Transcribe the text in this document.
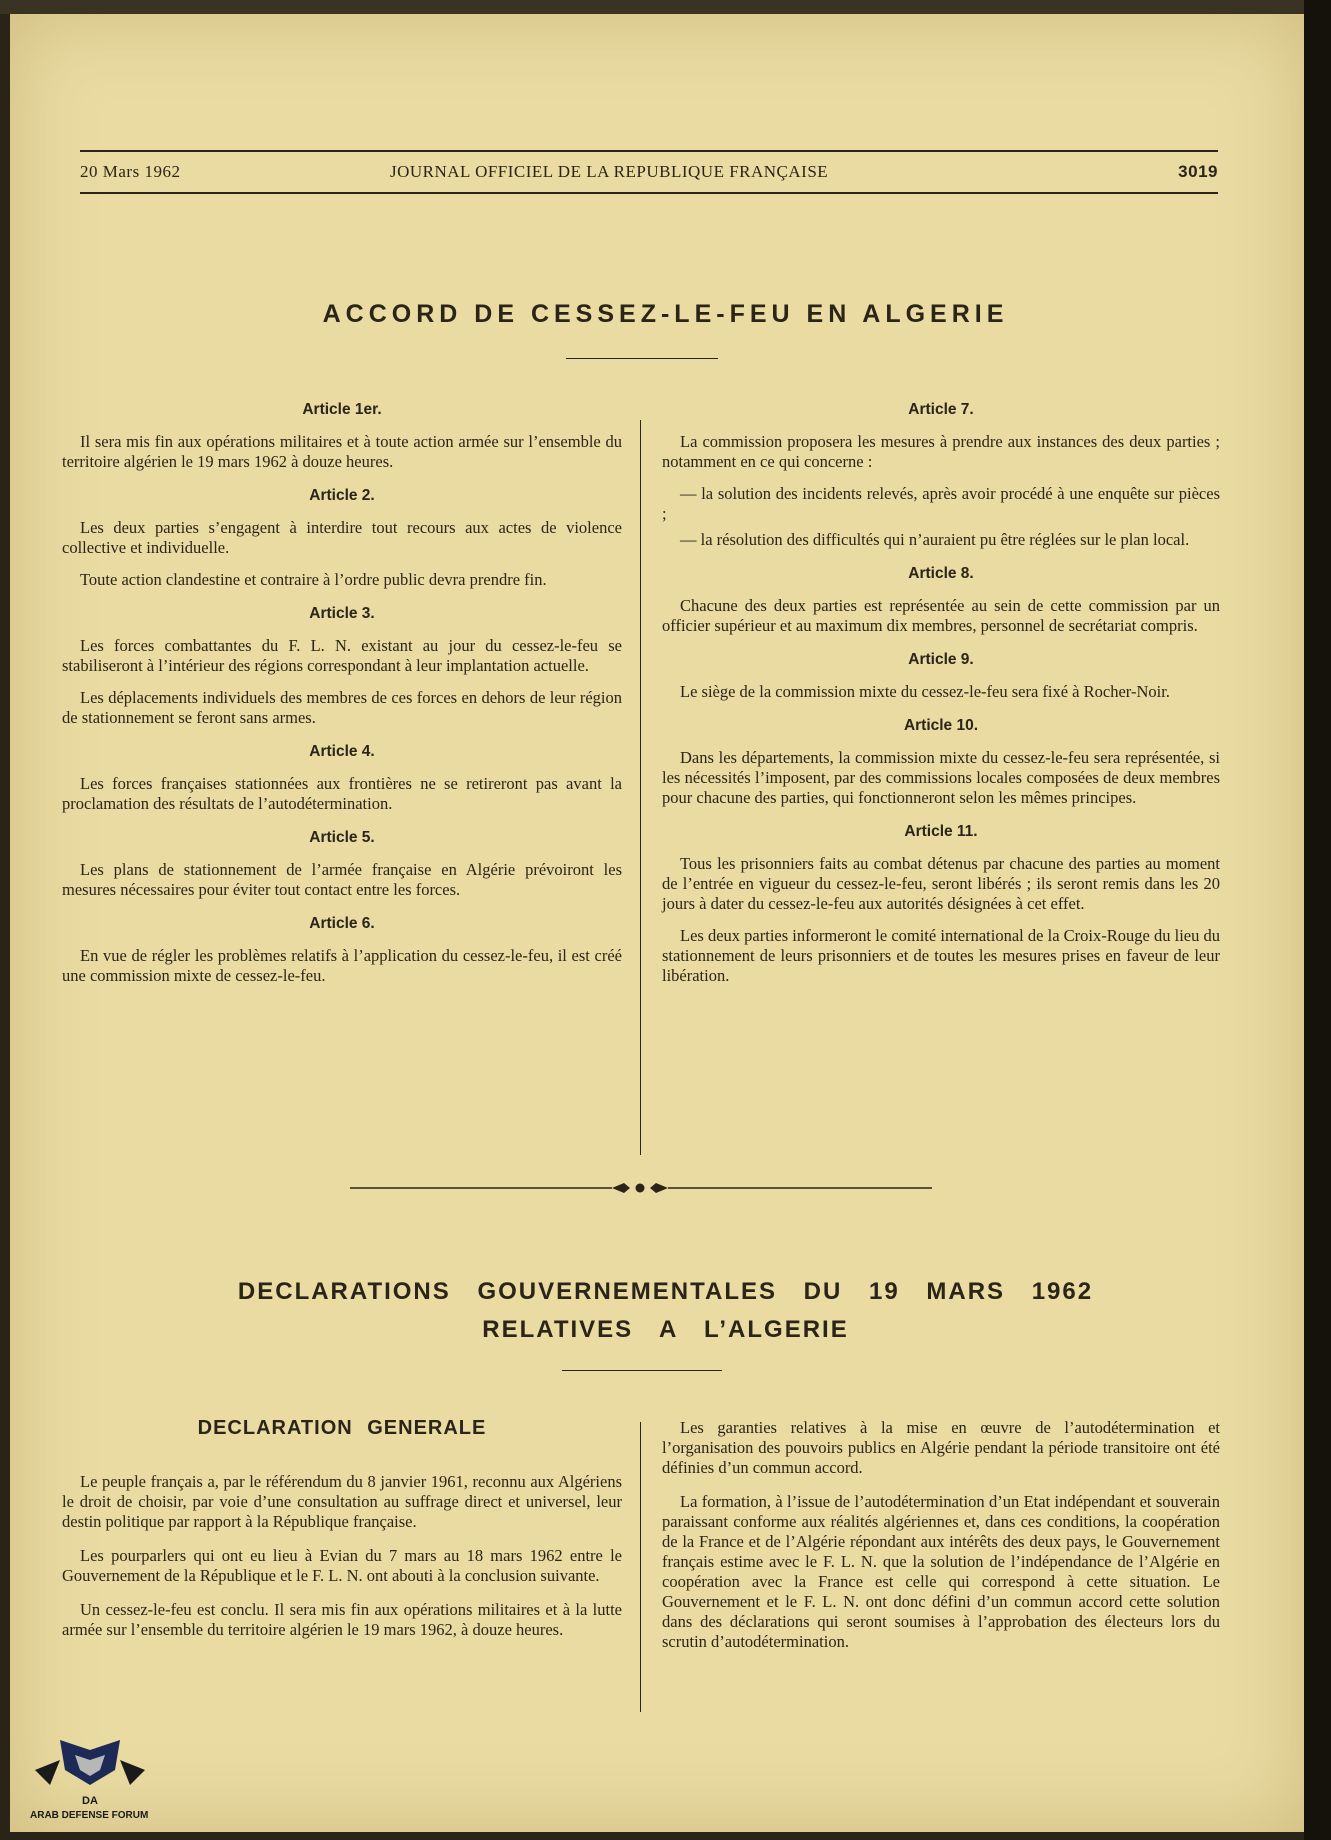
20 Mars 1962	JOURNAL OFFICIEL DE LA REPUBLIQUE FRANÇAISE	3019
ACCORD DE CESSEZ-LE-FEU EN ALGERIE
Article 1er.

Il sera mis fin aux opérations militaires et à toute action armée sur l’ensemble du territoire algérien le 19 mars 1962 à douze heures.

Article 2.

Les deux parties s’engagent à interdire tout recours aux actes de violence collective et individuelle.

Toute action clandestine et contraire à l’ordre public devra prendre fin.

Article 3.

Les forces combattantes du F. L. N. existant au jour du cessez-le-feu se stabiliseront à l’intérieur des régions correspondant à leur implantation actuelle.

Les déplacements individuels des membres de ces forces en dehors de leur région de stationnement se feront sans armes.

Article 4.

Les forces françaises stationnées aux frontières ne se retireront pas avant la proclamation des résultats de l’autodétermination.

Article 5.

Les plans de stationnement de l’armée française en Algérie prévoiront les mesures nécessaires pour éviter tout contact entre les forces.

Article 6.

En vue de régler les problèmes relatifs à l’application du cessez-le-feu, il est créé une commission mixte de cessez-le-feu.

Article 7.

La commission proposera les mesures à prendre aux instances des deux parties ; notamment en ce qui concerne :

— la solution des incidents relevés, après avoir procédé à une enquête sur pièces ;

— la résolution des difficultés qui n’auraient pu être réglées sur le plan local.

Article 8.

Chacune des deux parties est représentée au sein de cette commission par un officier supérieur et au maximum dix membres, personnel de secrétariat compris.

Article 9.

Le siège de la commission mixte du cessez-le-feu sera fixé à Rocher-Noir.

Article 10.

Dans les départements, la commission mixte du cessez-le-feu sera représentée, si les nécessités l’imposent, par des commissions locales composées de deux membres pour chacune des parties, qui fonctionneront selon les mêmes principes.

Article 11.

Tous les prisonniers faits au combat détenus par chacune des parties au moment de l’entrée en vigueur du cessez-le-feu, seront libérés ; ils seront remis dans les 20 jours à dater du cessez-le-feu aux autorités désignées à cet effet.

Les deux parties informeront le comité international de la Croix-Rouge du lieu du stationnement de leurs prisonniers et de toutes les mesures prises en faveur de leur libération.

DECLARATIONS GOUVERNEMENTALES DU 19 MARS 1962
RELATIVES A L’ALGERIE
DECLARATION GENERALE

Le peuple français a, par le référendum du 8 janvier 1961, reconnu aux Algériens le droit de choisir, par voie d’une consultation au suffrage direct et universel, leur destin politique par rapport à la République française.

Les pourparlers qui ont eu lieu à Evian du 7 mars au 18 mars 1962 entre le Gouvernement de la République et le F. L. N. ont abouti à la conclusion suivante.

Un cessez-le-feu est conclu. Il sera mis fin aux opérations militaires et à la lutte armée sur l’ensemble du territoire algérien le 19 mars 1962, à douze heures.

Les garanties relatives à la mise en œuvre de l’autodétermination et l’organisation des pouvoirs publics en Algérie pendant la période transitoire ont été définies d’un commun accord.

La formation, à l’issue de l’autodétermination d’un Etat indépendant et souverain paraissant conforme aux réalités algériennes et, dans ces conditions, la coopération de la France et de l’Algérie répondant aux intérêts des deux pays, le Gouvernement français estime avec le F. L. N. que la solution de l’indépendance de l’Algérie en coopération avec la France est celle qui correspond à cette situation. Le Gouvernement et le F. L. N. ont donc défini d’un commun accord cette solution dans des déclarations qui seront soumises à l’approbation des électeurs lors du scrutin d’autodétermination.

DA
ARAB DEFENSE FORUM
